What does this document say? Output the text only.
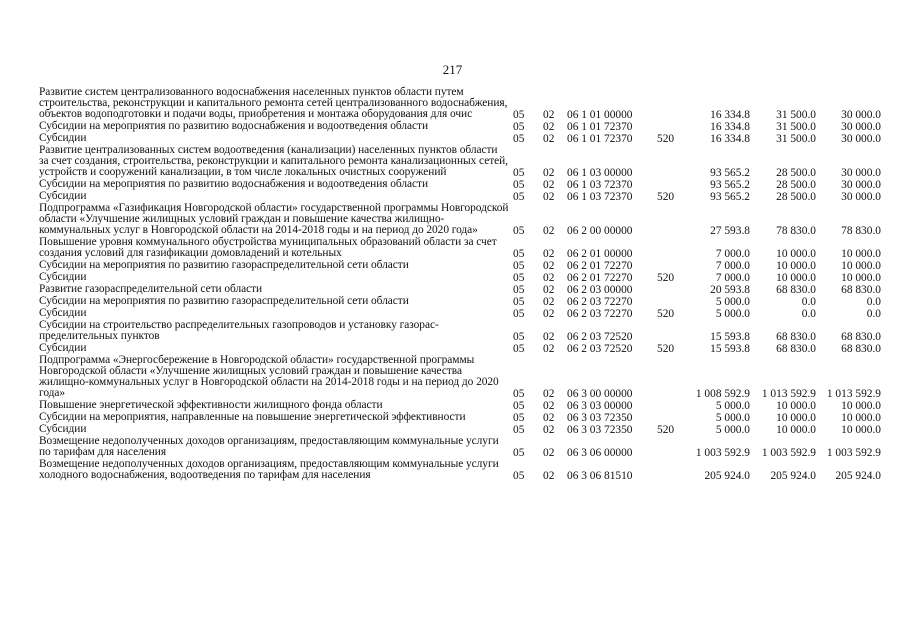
217
Развитие систем централизованного водоснабжения населенных пунктов области путем строительства, реконструкции и капитального ремонта сетей централизованного водоснабжения, объектов водоподготовки и подачи воды, приобретения и монтажа оборудования для очис	05	02	06 1 01 00000		16 334.8	31 500.0	30 000.0
Субсидии на мероприятия по развитию водоснабжения и водоотведения области	05	02	06 1 01 72370		16 334.8	31 500.0	30 000.0
Субсидии	05	02	06 1 01 72370	520	16 334.8	31 500.0	30 000.0
Развитие централизованных систем водоотведения (канализации) населенных пунктов области за счет создания, строительства, реконструкции и капитального ремонта канализационных сетей, устройств и сооружений канализации, в том числе локальных очистных сооружений	05	02	06 1 03 00000		93 565.2	28 500.0	30 000.0
Субсидии на мероприятия по развитию водоснабжения и водоотведения области	05	02	06 1 03 72370		93 565.2	28 500.0	30 000.0
Субсидии	05	02	06 1 03 72370	520	93 565.2	28 500.0	30 000.0
Подпрограмма «Газификация Новгородской области» государственной программы Новгородской области «Улучшение жилищных условий граждан и повышение качества жилищно-коммунальных услуг в Новгородской области на 2014-2018 годы и на период до 2020 года»	05	02	06 2 00 00000		27 593.8	78 830.0	78 830.0
Повышение уровня коммунального обустройства муниципальных образований области за счет создания условий для газификации домовладений и котельных	05	02	06 2 01 00000		7 000.0	10 000.0	10 000.0
Субсидии на мероприятия по развитию газораспределительной сети области	05	02	06 2 01 72270		7 000.0	10 000.0	10 000.0
Субсидии	05	02	06 2 01 72270	520	7 000.0	10 000.0	10 000.0
Развитие газораспределительной сети области	05	02	06 2 03 00000		20 593.8	68 830.0	68 830.0
Субсидии на мероприятия по развитию газораспределительной сети области	05	02	06 2 03 72270		5 000.0	0.0	0.0
Субсидии	05	02	06 2 03 72270	520	5 000.0	0.0	0.0
Субсидии на строительство распределительных газопроводов и установку газорас-пределительных пунктов	05	02	06 2 03 72520		15 593.8	68 830.0	68 830.0
Субсидии	05	02	06 2 03 72520	520	15 593.8	68 830.0	68 830.0
Подпрограмма «Энергосбережение в Новгородской области» государственной программы Новгородской области «Улучшение жилищных условий граждан и повышение качества жилищно-коммунальных услуг в Новгородской области на 2014-2018 годы и на период до 2020 года»	05	02	06 3 00 00000		1 008 592.9	1 013 592.9	1 013 592.9
Повышение энергетической эффективности жилищного фонда области	05	02	06 3 03 00000		5 000.0	10 000.0	10 000.0
Субсидии на мероприятия, направленные на повышение энергетической эффективности	05	02	06 3 03 72350		5 000.0	10 000.0	10 000.0
Субсидии	05	02	06 3 03 72350	520	5 000.0	10 000.0	10 000.0
Возмещение недополученных доходов организациям, предоставляющим коммунальные услуги по тарифам для населения	05	02	06 3 06 00000		1 003 592.9	1 003 592.9	1 003 592.9
Возмещение недополученных доходов организациям, предоставляющим коммунальные услуги холодного водоснабжения, водоотведения по тарифам для населения	05	02	06 3 06 81510		205 924.0	205 924.0	205 924.0
